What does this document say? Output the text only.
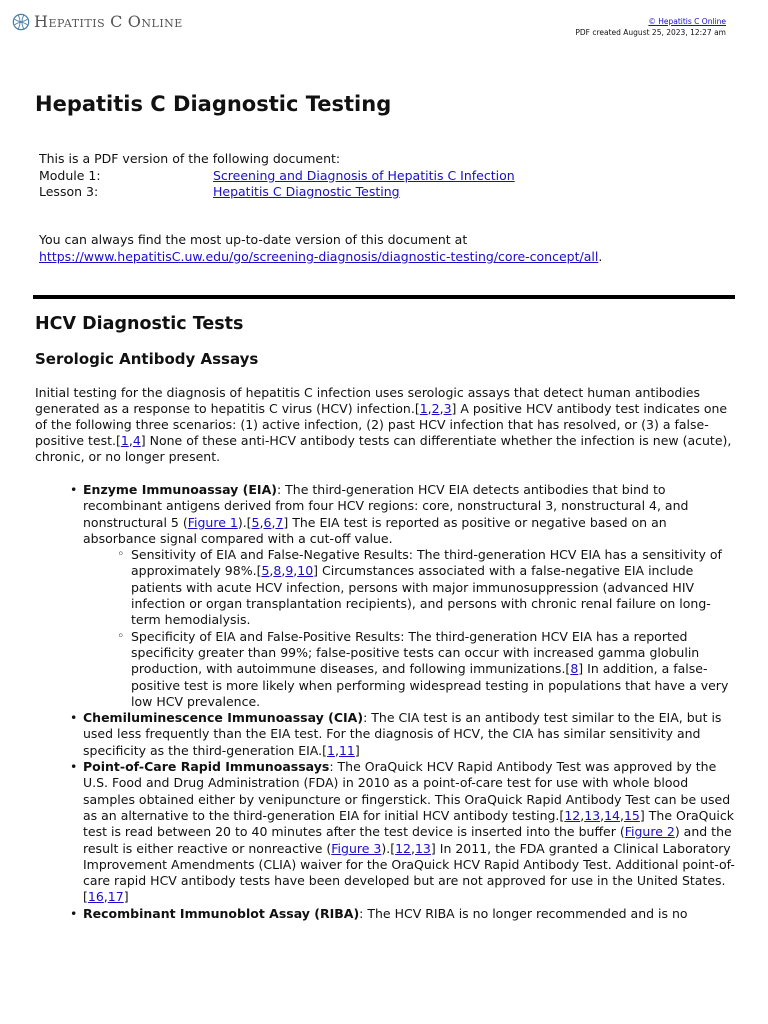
HEPATITIS C ONLINE	© Hepatitis C Online
PDF created August 25, 2023, 12:27 am
Hepatitis C Diagnostic Testing
This is a PDF version of the following document:
Module 1:	Screening and Diagnosis of Hepatitis C Infection
Lesson 3:	Hepatitis C Diagnostic Testing
You can always find the most up-to-date version of this document at
https://www.hepatitisC.uw.edu/go/screening-diagnosis/diagnostic-testing/core-concept/all.
HCV Diagnostic Tests
Serologic Antibody Assays

Initial testing for the diagnosis of hepatitis C infection uses serologic assays that detect human antibodies generated as a response to hepatitis C virus (HCV) infection.[1,2,3] A positive HCV antibody test indicates one of the following three scenarios: (1) active infection, (2) past HCV infection that has resolved, or (3) a false-positive test.[1,4] None of these anti-HCV antibody tests can differentiate whether the infection is new (acute), chronic, or no longer present.

• Enzyme Immunoassay (EIA): The third-generation HCV EIA detects antibodies that bind to recombinant antigens derived from four HCV regions: core, nonstructural 3, nonstructural 4, and nonstructural 5 (Figure 1).[5,6,7] The EIA test is reported as positive or negative based on an absorbance signal compared with a cut-off value.
◦ Sensitivity of EIA and False-Negative Results: The third-generation HCV EIA has a sensitivity of approximately 98%.[5,8,9,10] Circumstances associated with a false-negative EIA include patients with acute HCV infection, persons with major immunosuppression (advanced HIV infection or organ transplantation recipients), and persons with chronic renal failure on long-term hemodialysis.
◦ Specificity of EIA and False-Positive Results: The third-generation HCV EIA has a reported specificity greater than 99%; false-positive tests can occur with increased gamma globulin production, with autoimmune diseases, and following immunizations.[8] In addition, a false-positive test is more likely when performing widespread testing in populations that have a very low HCV prevalence.
• Chemiluminescence Immunoassay (CIA): The CIA test is an antibody test similar to the EIA, but is used less frequently than the EIA test. For the diagnosis of HCV, the CIA has similar sensitivity and specificity as the third-generation EIA.[1,11]
• Point-of-Care Rapid Immunoassays: The OraQuick HCV Rapid Antibody Test was approved by the U.S. Food and Drug Administration (FDA) in 2010 as a point-of-care test for use with whole blood samples obtained either by venipuncture or fingerstick. This OraQuick Rapid Antibody Test can be used as an alternative to the third-generation EIA for initial HCV antibody testing.[12,13,14,15] The OraQuick test is read between 20 to 40 minutes after the test device is inserted into the buffer (Figure 2) and the result is either reactive or nonreactive (Figure 3).[12,13] In 2011, the FDA granted a Clinical Laboratory Improvement Amendments (CLIA) waiver for the OraQuick HCV Rapid Antibody Test. Additional point-of-care rapid HCV antibody tests have been developed but are not approved for use in the United States.[16,17]
• Recombinant Immunoblot Assay (RIBA): The HCV RIBA is no longer recommended and is no
